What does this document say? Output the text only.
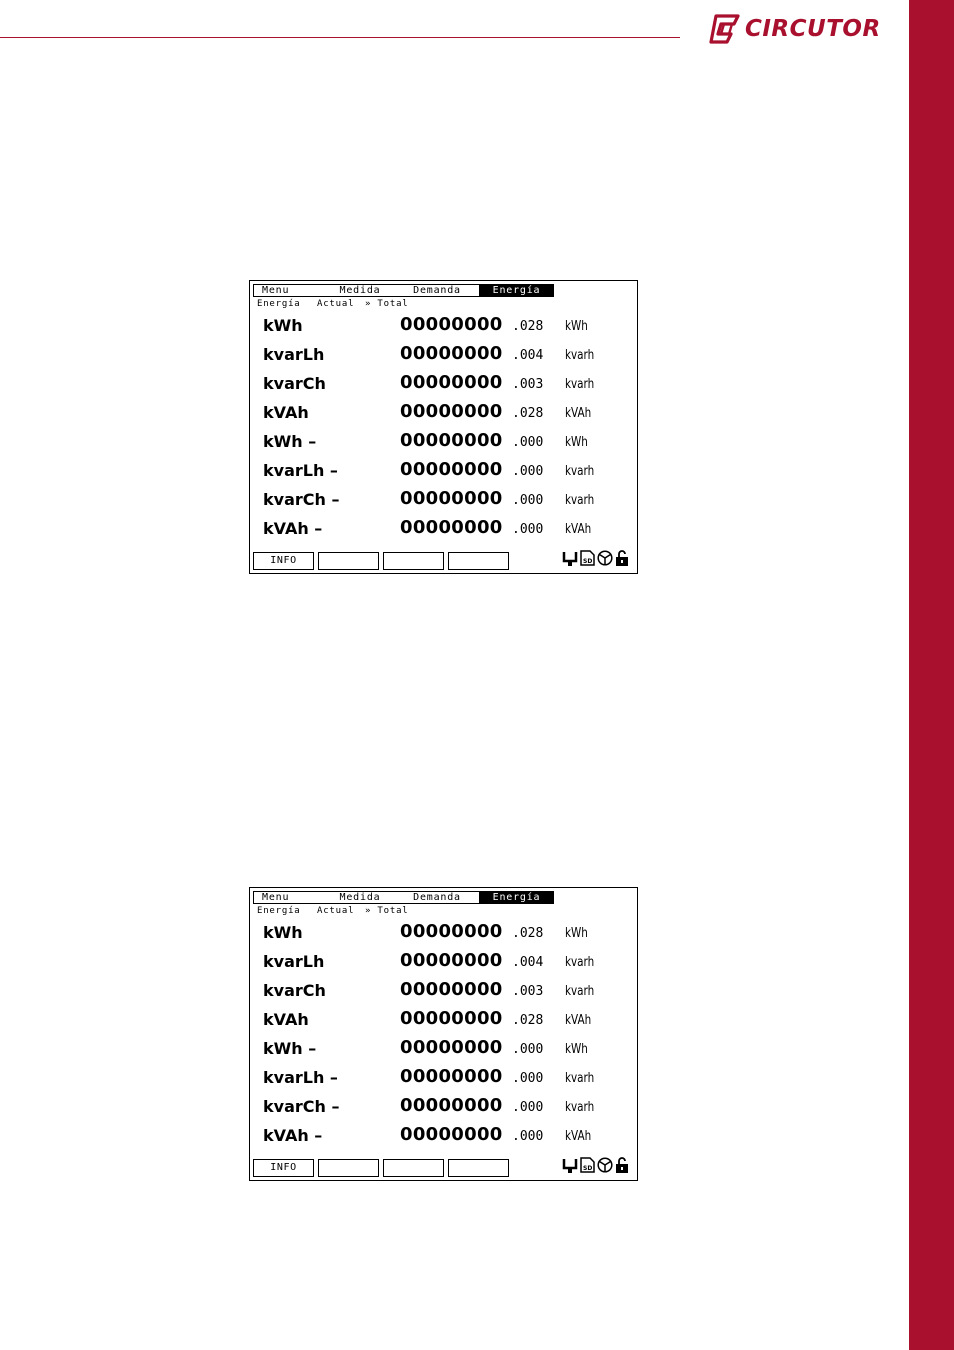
CIRCUTOR
Menu	Medida	Demanda	Energía
Energía Actual » Total
kWh	00000000 .028 kWh
kvarLh	00000000 .004 kvarh
kvarCh	00000000 .003 kvarh
kVAh	00000000 .028 kVAh
kWh –	00000000 .000 kWh
kvarLh –	00000000 .000 kvarh
kvarCh –	00000000 .000 kvarh
kVAh –	00000000 .000 kVAh
INFO	SD
Menu	Medida	Demanda	Energía
Energía Actual » Total
kWh	00000000 .028 kWh
kvarLh	00000000 .004 kvarh
kvarCh	00000000 .003 kvarh
kVAh	00000000 .028 kVAh
kWh –	00000000 .000 kWh
kvarLh –	00000000 .000 kvarh
kvarCh –	00000000 .000 kvarh
kVAh –	00000000 .000 kVAh
INFO	SD
